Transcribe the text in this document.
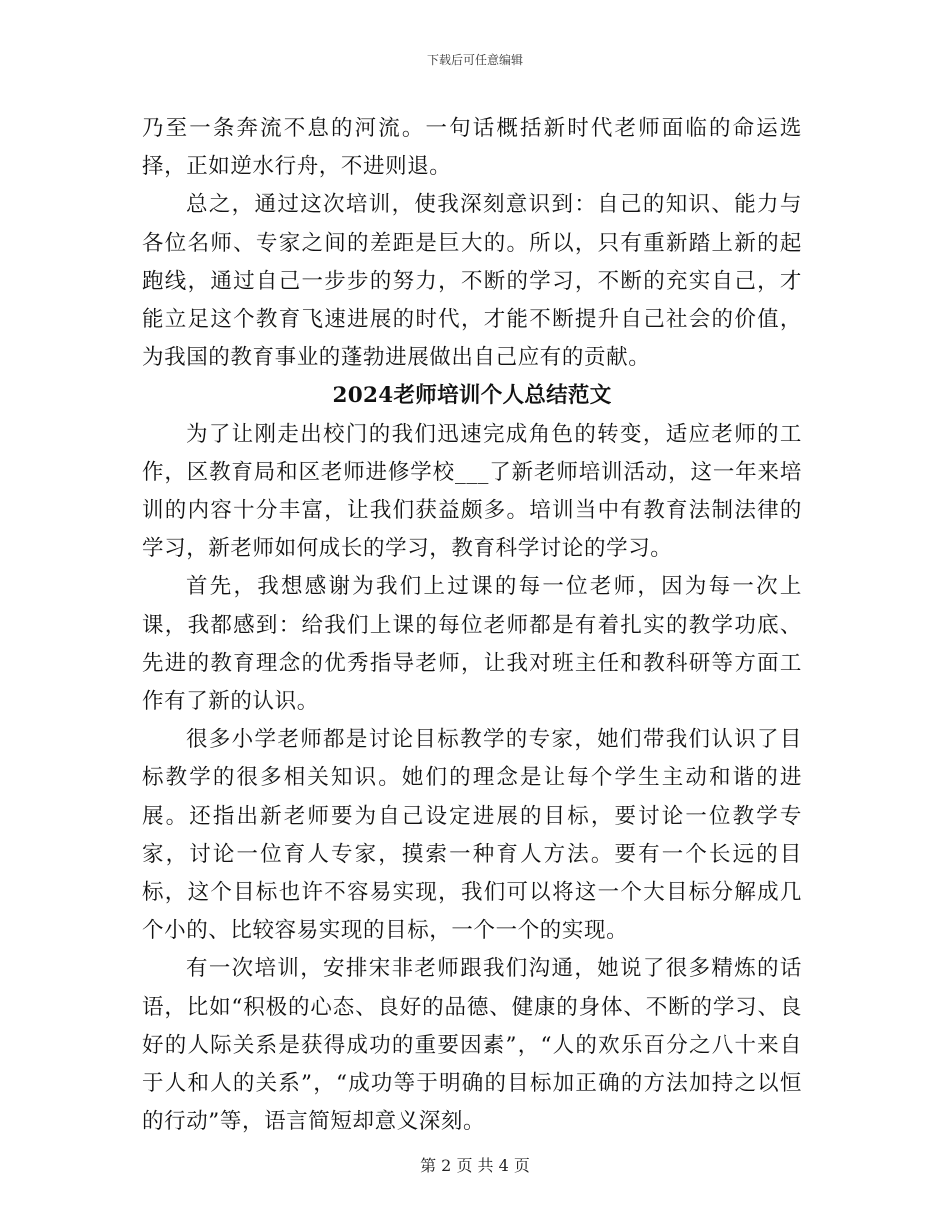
下载后可任意编辑

乃至一条奔流不息的河流。一句话概括新时代老师面临的命运选择，正如逆水行舟，不进则退。

总之，通过这次培训，使我深刻意识到：自己的知识、能力与各位名师、专家之间的差距是巨大的。所以，只有重新踏上新的起跑线，通过自己一步步的努力，不断的学习，不断的充实自己，才能立足这个教育飞速进展的时代，才能不断提升自己社会的价值，为我国的教育事业的蓬勃进展做出自己应有的贡献。

2024老师培训个人总结范文

为了让刚走出校门的我们迅速完成角色的转变，适应老师的工作，区教育局和区老师进修学校___了新老师培训活动，这一年来培训的内容十分丰富，让我们获益颇多。培训当中有教育法制法律的学习，新老师如何成长的学习，教育科学讨论的学习。

首先，我想感谢为我们上过课的每一位老师，因为每一次上课，我都感到：给我们上课的每位老师都是有着扎实的教学功底、先进的教育理念的优秀指导老师，让我对班主任和教科研等方面工作有了新的认识。

很多小学老师都是讨论目标教学的专家，她们带我们认识了目标教学的很多相关知识。她们的理念是让每个学生主动和谐的进展。还指出新老师要为自己设定进展的目标，要讨论一位教学专家，讨论一位育人专家，摸索一种育人方法。要有一个长远的目标，这个目标也许不容易实现，我们可以将这一个大目标分解成几个小的、比较容易实现的目标，一个一个的实现。

有一次培训，安排宋非老师跟我们沟通，她说了很多精炼的话语，比如“积极的心态、良好的品德、健康的身体、不断的学习、良好的人际关系是获得成功的重要因素”，“人的欢乐百分之八十来自于人和人的关系”，“成功等于明确的目标加正确的方法加持之以恒的行动”等，语言简短却意义深刻。

第 2 页 共 4 页
